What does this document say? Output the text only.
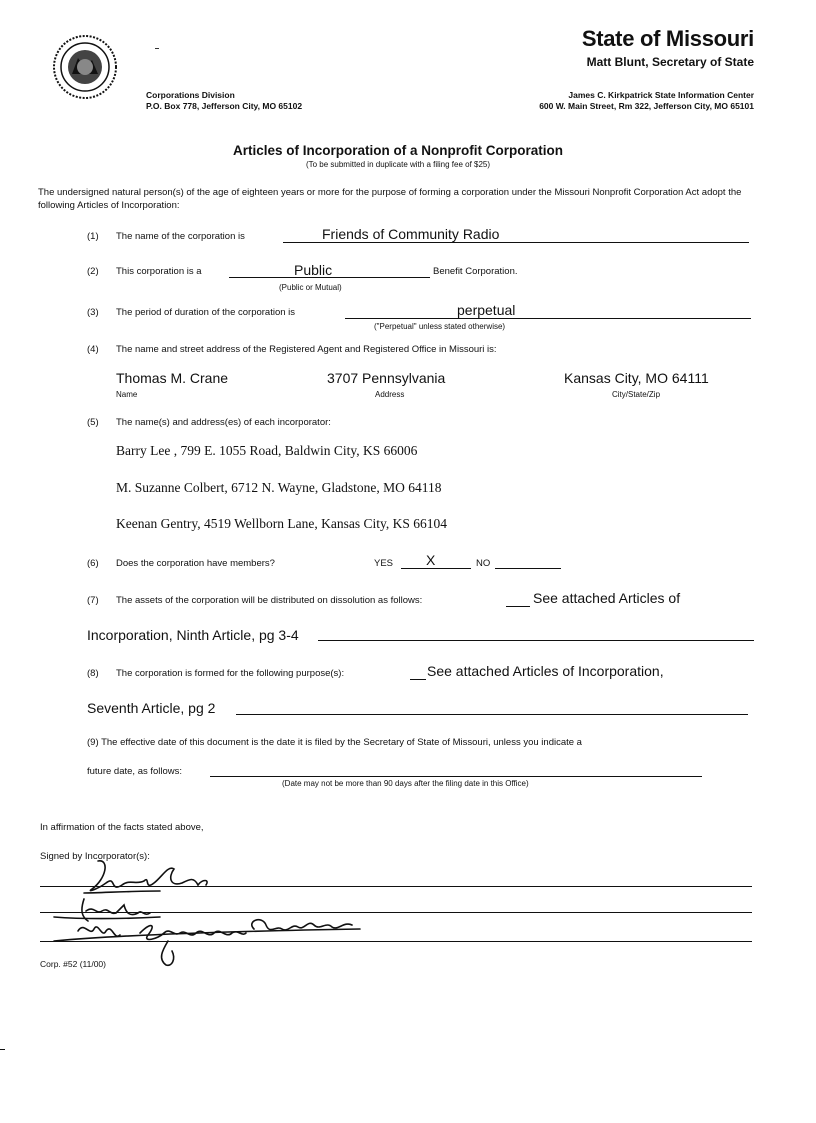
State of Missouri
Matt Blunt, Secretary of State
Corporations Division
P.O. Box 778, Jefferson City, MO 65102
James C. Kirkpatrick State Information Center
600 W. Main Street, Rm 322, Jefferson City, MO 65101
Articles of Incorporation of a Nonprofit Corporation
(To be submitted in duplicate with a filing fee of $25)
The undersigned natural person(s) of the age of eighteen years or more for the purpose of forming a corporation under the Missouri Nonprofit Corporation Act adopt the following Articles of Incorporation:
(1) The name of the corporation is	Friends of Community Radio
(2) This corporation is a	Public	Benefit Corporation.
(Public or Mutual)
(3) The period of duration of the corporation is	perpetual
("Perpetual" unless stated otherwise)
(4) The name and street address of the Registered Agent and Registered Office in Missouri is:
Thomas M. Crane	3707 Pennsylvania	Kansas City, MO 64111
Name	Address	City/State/Zip
(5) The name(s) and address(es) of each incorporator:
Barry Lee , 799 E. 1055 Road, Baldwin City, KS 66006
M. Suzanne Colbert, 6712 N. Wayne, Gladstone, MO 64118
Keenan Gentry, 4519 Wellborn Lane, Kansas City, KS 66104
(6) Does the corporation have members?	YES X	NO
(7) The assets of the corporation will be distributed on dissolution as follows:	See attached Articles of
Incorporation, Ninth Article, pg 3-4
(8) The corporation is formed for the following purpose(s):	See attached Articles of Incorporation,
Seventh Article, pg 2
(9) The effective date of this document is the date it is filed by the Secretary of State of Missouri, unless you indicate a
future date, as follows:
(Date may not be more than 90 days after the filing date in this Office)
In affirmation of the facts stated above,
Signed by Incorporator(s):
Corp. #52 (11/00)
